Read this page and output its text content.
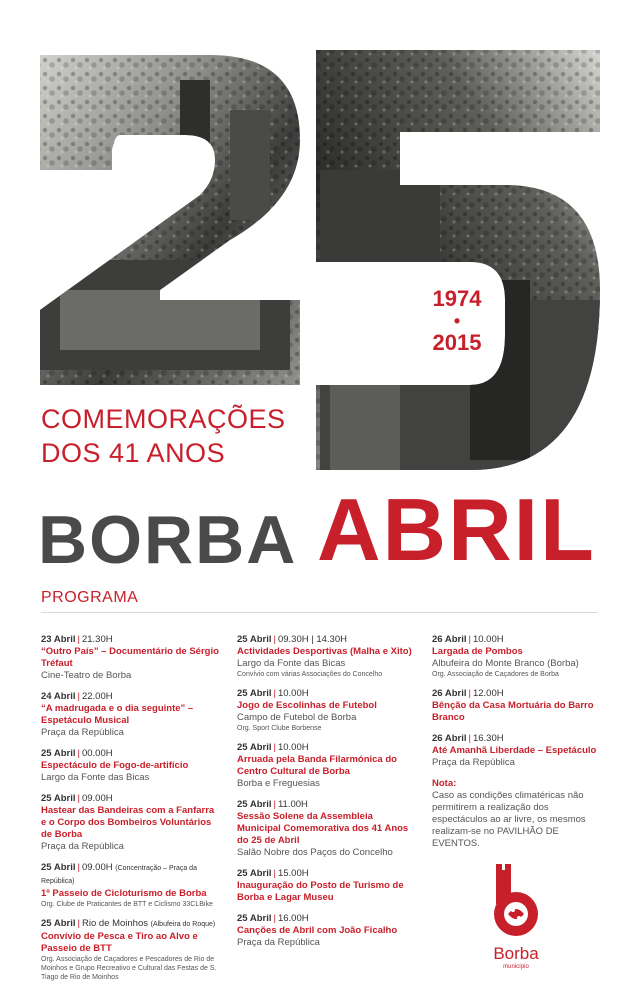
1974
•
2015
COMEMORAÇÕES
DOS 41 ANOS
BORBA ABRIL
PROGRAMA
23 Abril | 21.30H
“Outro País” – Documentário de Sérgio Tréfaut
Cine-Teatro de Borba
24 Abril | 22.00H
“A madrugada e o dia seguinte” – Espetáculo Musical
Praça da República
25 Abril | 00.00H
Espectáculo de Fogo-de-artifício
Largo da Fonte das Bicas
25 Abril | 09.00H
Hastear das Bandeiras com a Fanfarra e o Corpo dos Bombeiros Voluntários de Borba
Praça da República
25 Abril | 09.00H (Concentração – Praça da República)
1º Passeio de Cicloturismo de Borba
Org. Clube de Praticantes de BTT e Ciclismo 33CLBike
25 Abril | Rio de Moinhos (Albufeira do Roque)
Convívio de Pesca e Tiro ao Alvo e Passeio de BTT
Org. Associação de Caçadores e Pescadores de Rio de Moinhos e Grupo Recreativo e Cultural das Festas de S. Tiago de Rio de Moinhos
25 Abril | 09.30H | 14.30H
Actividades Desportivas (Malha e Xito)
Largo da Fonte das Bicas
Convívio com várias Associações do Concelho
25 Abril | 10.00H
Jogo de Escolinhas de Futebol
Campo de Futebol de Borba
Org. Sport Clube Borbense
25 Abril | 10.00H
Arruada pela Banda Filarmónica do Centro Cultural de Borba
Borba e Freguesias
25 Abril | 11.00H
Sessão Solene da Assembleia Municipal Comemorativa dos 41 Anos do 25 de Abril
Salão Nobre dos Paços do Concelho
25 Abril | 15.00H
Inauguração do Posto de Turismo de Borba e Lagar Museu
25 Abril | 16.00H
Canções de Abril com João Ficalho
Praça da República
26 Abril | 10.00H
Largada de Pombos
Albufeira do Monte Branco (Borba)
Org. Associação de Caçadores de Borba
26 Abril | 12.00H
Bênção da Casa Mortuária do Barro Branco
26 Abril | 16.30H
Até Amanhã Liberdade – Espetáculo
Praça da República
Nota:
Caso as condições climatéricas não permitirem a realização dos espectáculos ao ar livre, os mesmos realizam-se no PAVILHÃO DE EVENTOS.
Borba
município
